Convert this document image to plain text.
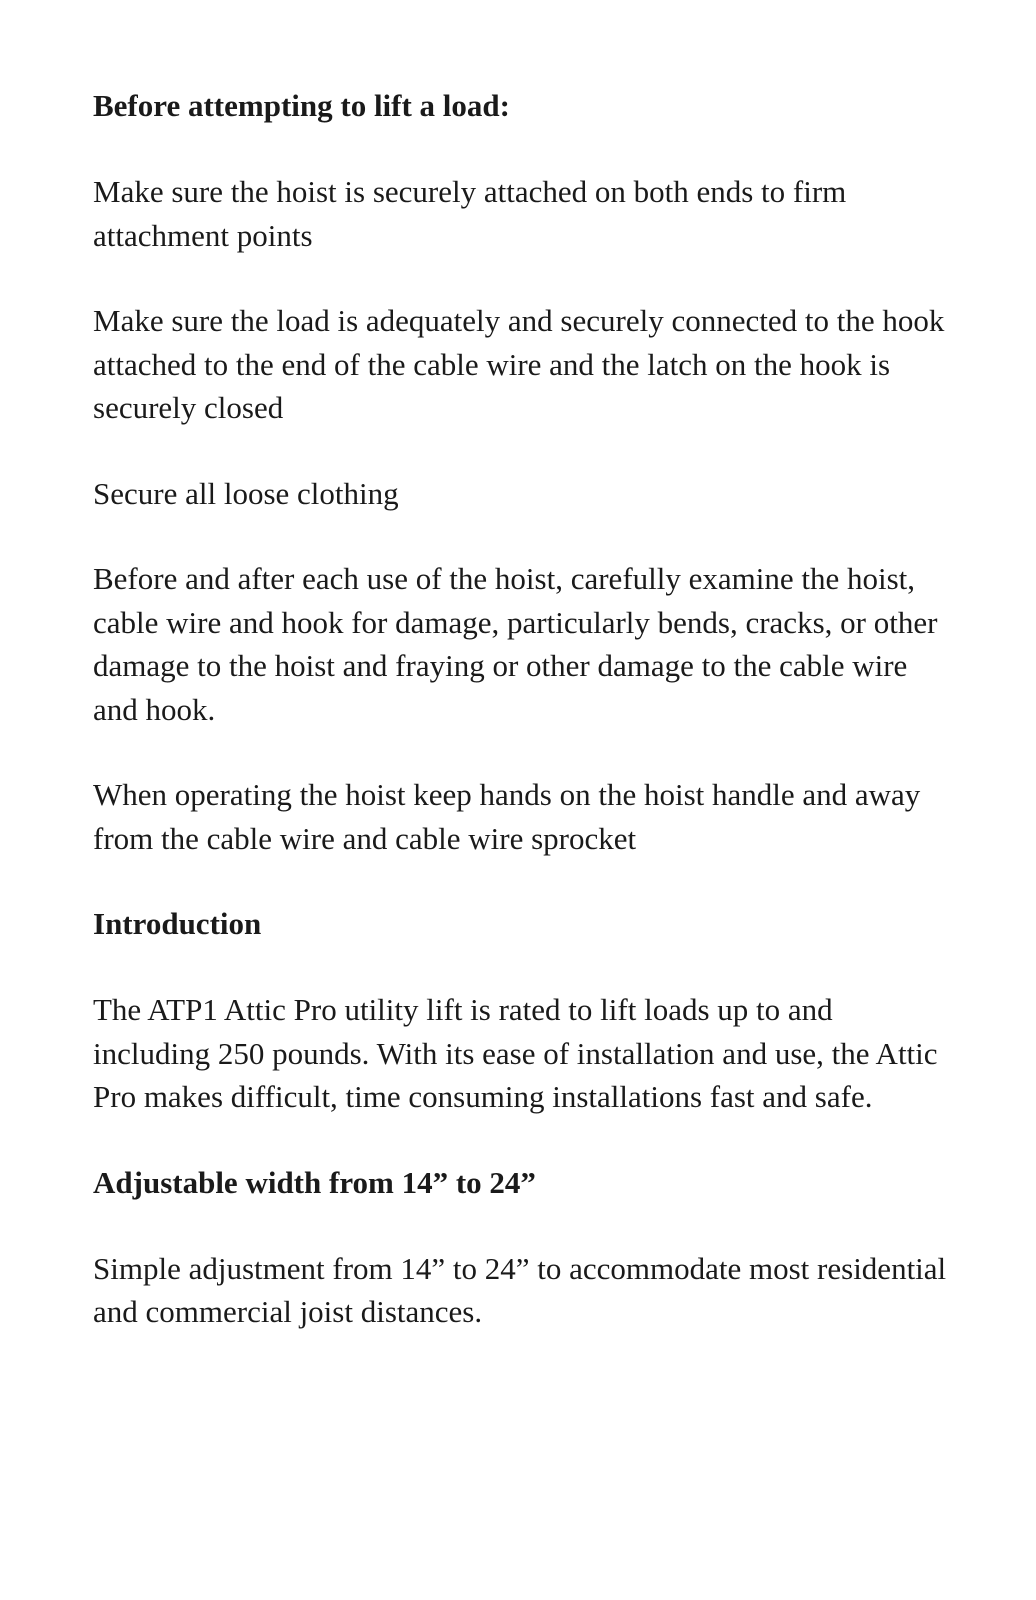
Before attempting to lift a load:

Make sure the hoist is securely attached on both ends to firm attachment points

Make sure the load is adequately and securely connected to the hook attached to the end of the cable wire and the latch on the hook is securely closed

Secure all loose clothing

Before and after each use of the hoist, carefully examine the hoist, cable wire and hook for damage, particularly bends, cracks, or other damage to the hoist and fraying or other damage to the cable wire and hook.

When operating the hoist keep hands on the hoist handle and away from the cable wire and cable wire sprocket

Introduction

The ATP1 Attic Pro utility lift is rated to lift loads up to and including 250 pounds. With its ease of installation and use, the Attic Pro makes difficult, time consuming installations fast and safe.

Adjustable width from 14” to 24”

Simple adjustment from 14” to 24” to accommodate most residential and commercial joist distances.
